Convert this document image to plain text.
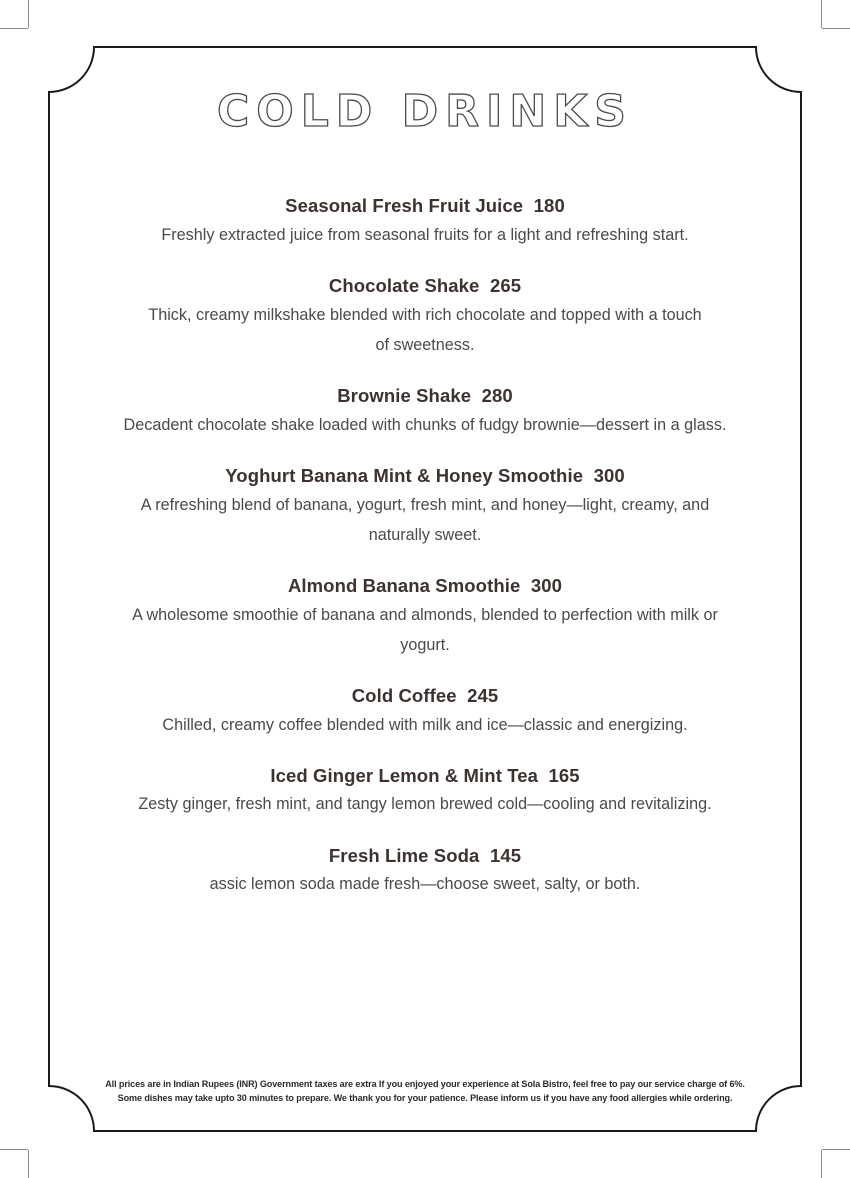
COLD DRINKS
Seasonal Fresh Fruit Juice 180
Freshly extracted juice from seasonal fruits for a light and refreshing start.
Chocolate Shake 265
Thick, creamy milkshake blended with rich chocolate and topped with a touch of sweetness.
Brownie Shake 280
Decadent chocolate shake loaded with chunks of fudgy brownie—dessert in a glass.
Yoghurt Banana Mint & Honey Smoothie 300
A refreshing blend of banana, yogurt, fresh mint, and honey—light, creamy, and naturally sweet.
Almond Banana Smoothie 300
A wholesome smoothie of banana and almonds, blended to perfection with milk or yogurt.
Cold Coffee 245
Chilled, creamy coffee blended with milk and ice—classic and energizing.
Iced Ginger Lemon & Mint Tea 165
Zesty ginger, fresh mint, and tangy lemon brewed cold—cooling and revitalizing.
Fresh Lime Soda 145
assic lemon soda made fresh—choose sweet, salty, or both.
All prices are in Indian Rupees (INR) Government taxes are extra If you enjoyed your experience at Sola Bistro, feel free to pay our service charge of 6%.
Some dishes may take upto 30 minutes to prepare. We thank you for your patience. Please inform us if you have any food allergies while ordering.
